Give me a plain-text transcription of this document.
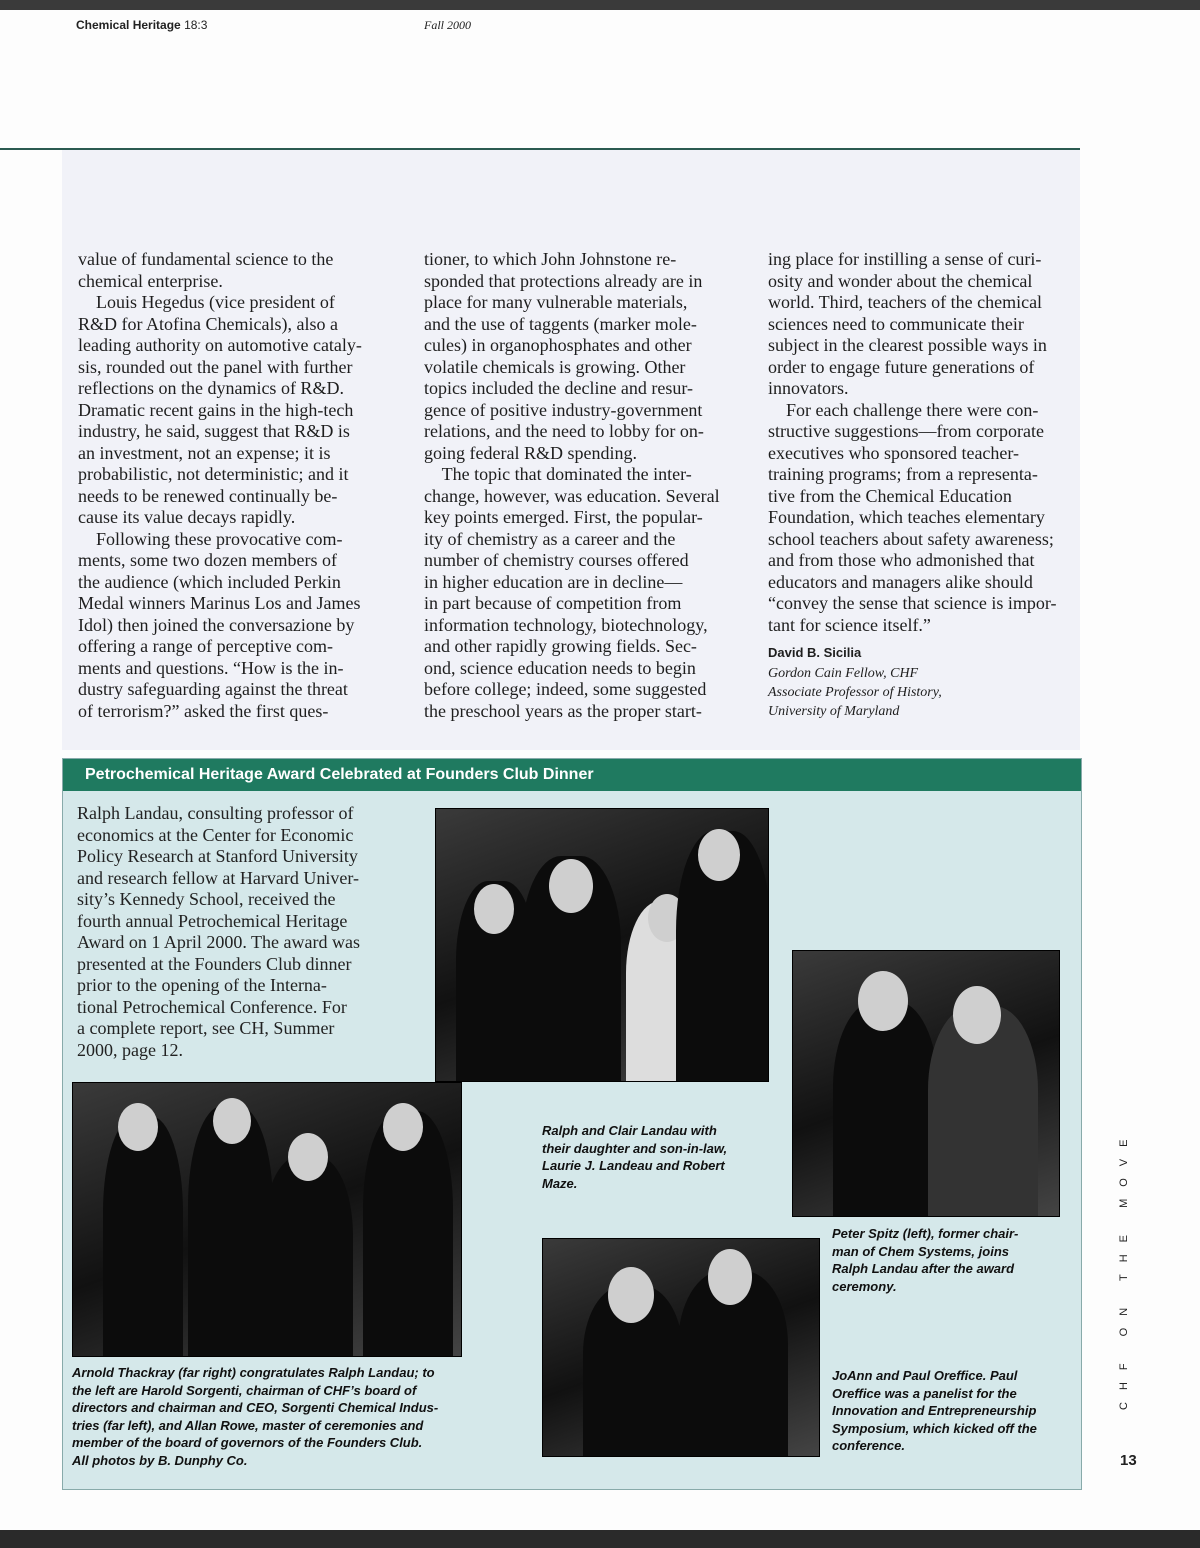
Chemical Heritage 18:3	Fall 2000
value of fundamental science to the
chemical enterprise.
Louis Hegedus (vice president of
R&D for Atofina Chemicals), also a
leading authority on automotive cataly-
sis, rounded out the panel with further
reflections on the dynamics of R&D.
Dramatic recent gains in the high-tech
industry, he said, suggest that R&D is
an investment, not an expense; it is
probabilistic, not deterministic; and it
needs to be renewed continually be-
cause its value decays rapidly.
Following these provocative com-
ments, some two dozen members of
the audience (which included Perkin
Medal winners Marinus Los and James
Idol) then joined the conversazione by
offering a range of perceptive com-
ments and questions. “How is the in-
dustry safeguarding against the threat
of terrorism?” asked the first ques-
tioner, to which John Johnstone re-
sponded that protections already are in
place for many vulnerable materials,
and the use of taggents (marker mole-
cules) in organophosphates and other
volatile chemicals is growing. Other
topics included the decline and resur-
gence of positive industry-government
relations, and the need to lobby for on-
going federal R&D spending.
The topic that dominated the inter-
change, however, was education. Several
key points emerged. First, the popular-
ity of chemistry as a career and the
number of chemistry courses offered
in higher education are in decline—
in part because of competition from
information technology, biotechnology,
and other rapidly growing fields. Sec-
ond, science education needs to begin
before college; indeed, some suggested
the preschool years as the proper start-
ing place for instilling a sense of curi-
osity and wonder about the chemical
world. Third, teachers of the chemical
sciences need to communicate their
subject in the clearest possible ways in
order to engage future generations of
innovators.
For each challenge there were con-
structive suggestions—from corporate
executives who sponsored teacher-
training programs; from a representa-
tive from the Chemical Education
Foundation, which teaches elementary
school teachers about safety awareness;
and from those who admonished that
educators and managers alike should
“convey the sense that science is impor-
tant for science itself.”
David B. Sicilia
Gordon Cain Fellow, CHF
Associate Professor of History,
University of Maryland
Petrochemical Heritage Award Celebrated at Founders Club Dinner
Ralph Landau, consulting professor of
economics at the Center for Economic
Policy Research at Stanford University
and research fellow at Harvard Univer-
sity’s Kennedy School, received the
fourth annual Petrochemical Heritage
Award on 1 April 2000. The award was
presented at the Founders Club dinner
prior to the opening of the Interna-
tional Petrochemical Conference. For
a complete report, see CH, Summer
2000, page 12.
Ralph and Clair Landau with
their daughter and son-in-law,
Laurie J. Landeau and Robert
Maze.
Peter Spitz (left), former chair-
man of Chem Systems, joins
Ralph Landau after the award
ceremony.
Arnold Thackray (far right) congratulates Ralph Landau; to
the left are Harold Sorgenti, chairman of CHF’s board of
directors and chairman and CEO, Sorgenti Chemical Indus-
tries (far left), and Allan Rowe, master of ceremonies and
member of the board of governors of the Founders Club.
All photos by B. Dunphy Co.
JoAnn and Paul Oreffice. Paul
Oreffice was a panelist for the
Innovation and Entrepreneurship
Symposium, which kicked off the
conference.
CHF ON THE MOVE
13
